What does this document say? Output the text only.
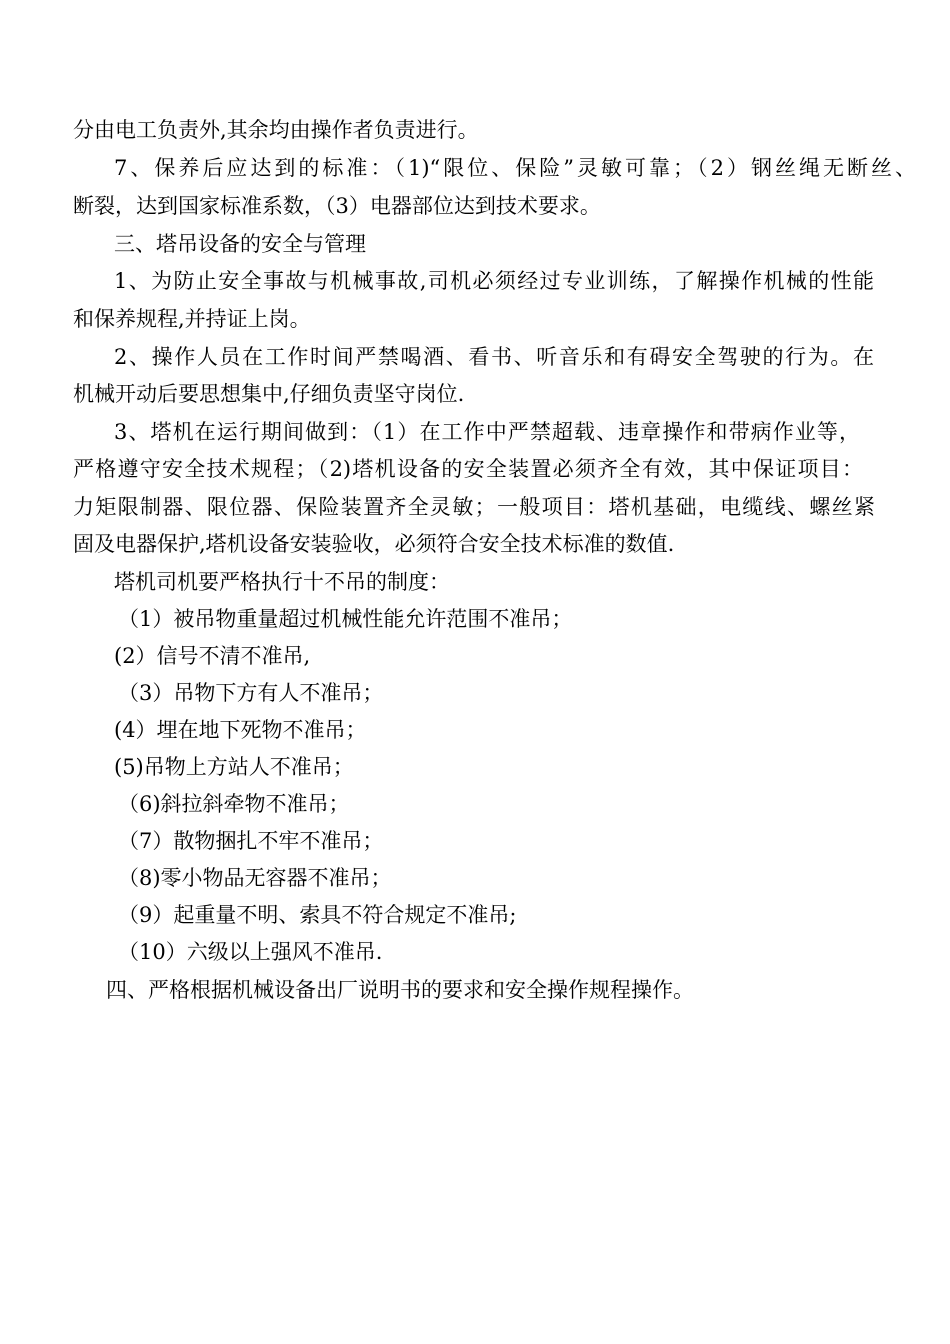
分由电工负责外,其余均由操作者负责进行。
7、保养后应达到的标准：（1)“限位、保险”灵敏可靠；（2）钢丝绳无断丝、
断裂，达到国家标准系数，（3）电器部位达到技术要求。
三、塔吊设备的安全与管理
1、为防止安全事故与机械事故,司机必须经过专业训练，了解操作机械的性能
和保养规程,并持证上岗。
2、操作人员在工作时间严禁喝酒、看书、听音乐和有碍安全驾驶的行为。在
机械开动后要思想集中,仔细负责坚守岗位.
3、塔机在运行期间做到：（1）在工作中严禁超载、违章操作和带病作业等，
严格遵守安全技术规程；（2)塔机设备的安全装置必须齐全有效，其中保证项目：
力矩限制器、限位器、保险装置齐全灵敏；一般项目：塔机基础，电缆线、螺丝紧
固及电器保护,塔机设备安装验收，必须符合安全技术标准的数值.
塔机司机要严格执行十不吊的制度：
（1）被吊物重量超过机械性能允许范围不准吊；
(2）信号不清不准吊,
（3）吊物下方有人不准吊；
(4）埋在地下死物不准吊；
(5)吊物上方站人不准吊；
（6)斜拉斜牵物不准吊；
（7）散物捆扎不牢不准吊；
（8)零小物品无容器不准吊；
（9）起重量不明、索具不符合规定不准吊;
（10）六级以上强风不准吊.
四、严格根据机械设备出厂说明书的要求和安全操作规程操作。
